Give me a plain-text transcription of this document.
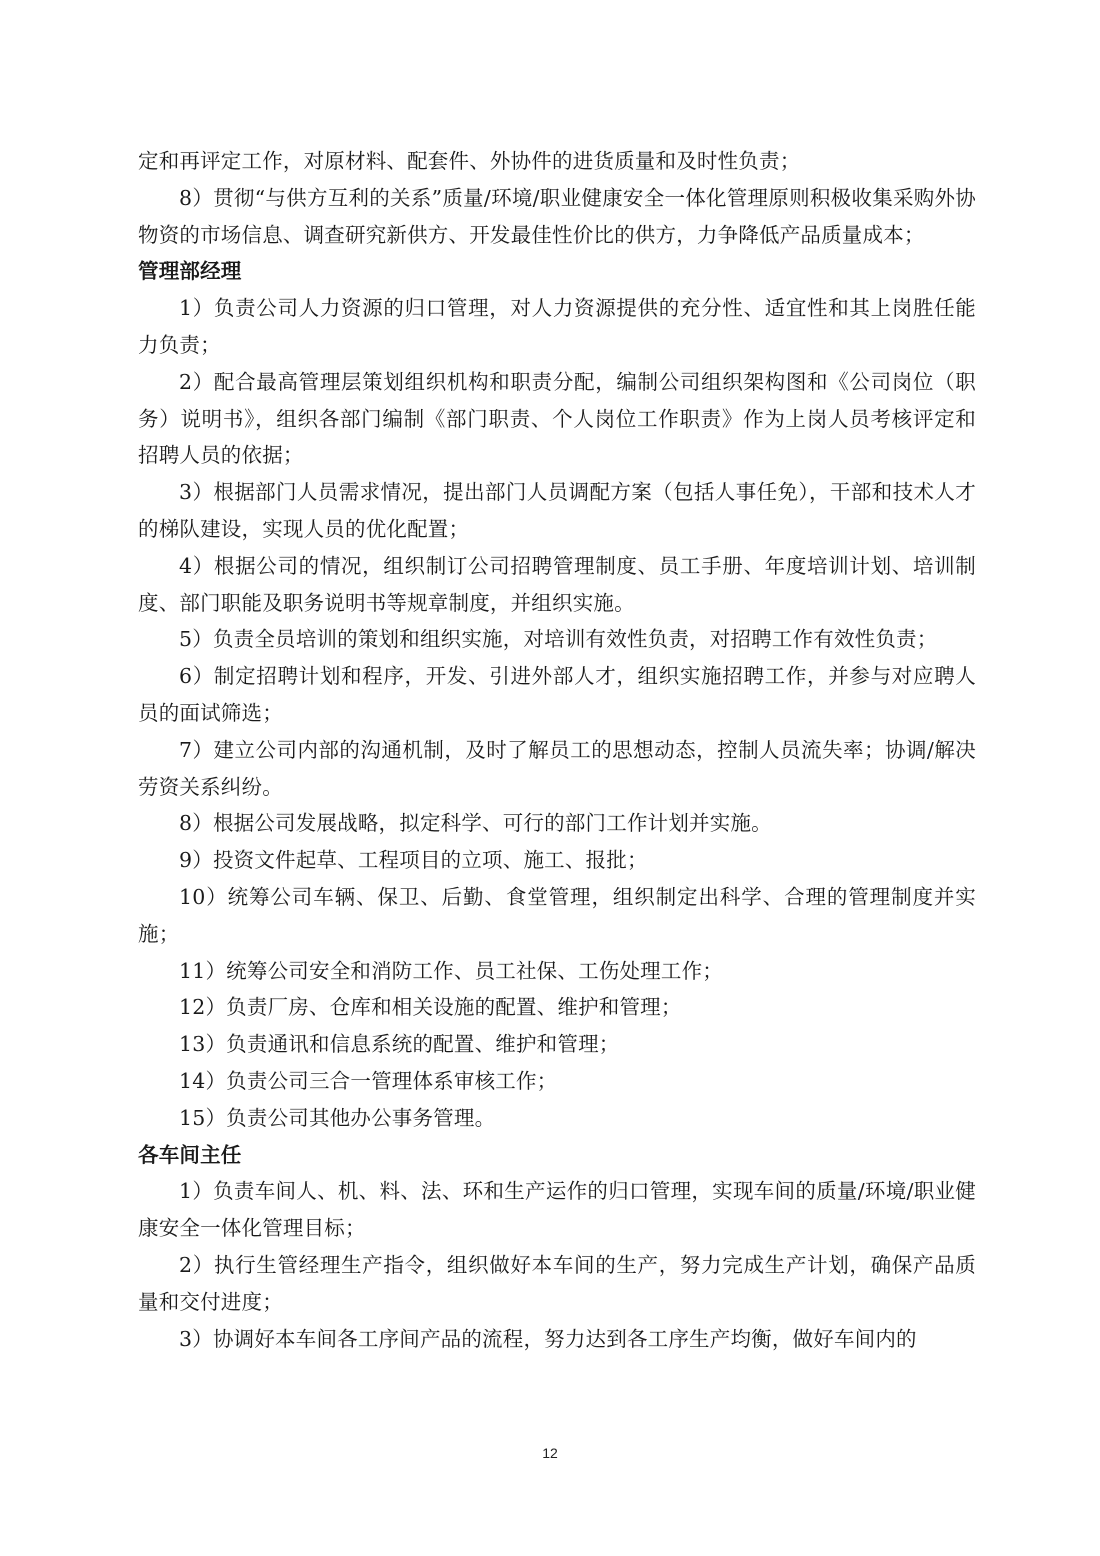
定和再评定工作，对原材料、配套件、外协件的进货质量和及时性负责；

8）贯彻“与供方互利的关系”质量/环境/职业健康安全一体化管理原则积极收集采购外协物资的市场信息、调查研究新供方、开发最佳性价比的供方，力争降低产品质量成本；

管理部经理

1）负责公司人力资源的归口管理，对人力资源提供的充分性、适宜性和其上岗胜任能力负责；

2）配合最高管理层策划组织机构和职责分配，编制公司组织架构图和《公司岗位（职务）说明书》，组织各部门编制《部门职责、个人岗位工作职责》作为上岗人员考核评定和招聘人员的依据；

3）根据部门人员需求情况，提出部门人员调配方案（包括人事任免），干部和技术人才的梯队建设，实现人员的优化配置；

4）根据公司的情况，组织制订公司招聘管理制度、员工手册、年度培训计划、培训制度、部门职能及职务说明书等规章制度，并组织实施。

5）负责全员培训的策划和组织实施，对培训有效性负责，对招聘工作有效性负责；

6）制定招聘计划和程序，开发、引进外部人才，组织实施招聘工作，并参与对应聘人员的面试筛选；

7）建立公司内部的沟通机制，及时了解员工的思想动态，控制人员流失率；协调/解决劳资关系纠纷。

8）根据公司发展战略，拟定科学、可行的部门工作计划并实施。

9）投资文件起草、工程项目的立项、施工、报批；

10）统筹公司车辆、保卫、后勤、食堂管理，组织制定出科学、合理的管理制度并实施；

11）统筹公司安全和消防工作、员工社保、工伤处理工作；

12）负责厂房、仓库和相关设施的配置、维护和管理；

13）负责通讯和信息系统的配置、维护和管理；

14）负责公司三合一管理体系审核工作；

15）负责公司其他办公事务管理。

各车间主任

1）负责车间人、机、料、法、环和生产运作的归口管理，实现车间的质量/环境/职业健康安全一体化管理目标；

2）执行生管经理生产指令，组织做好本车间的生产，努力完成生产计划，确保产品质量和交付进度；

3）协调好本车间各工序间产品的流程，努力达到各工序生产均衡，做好车间内的

12
